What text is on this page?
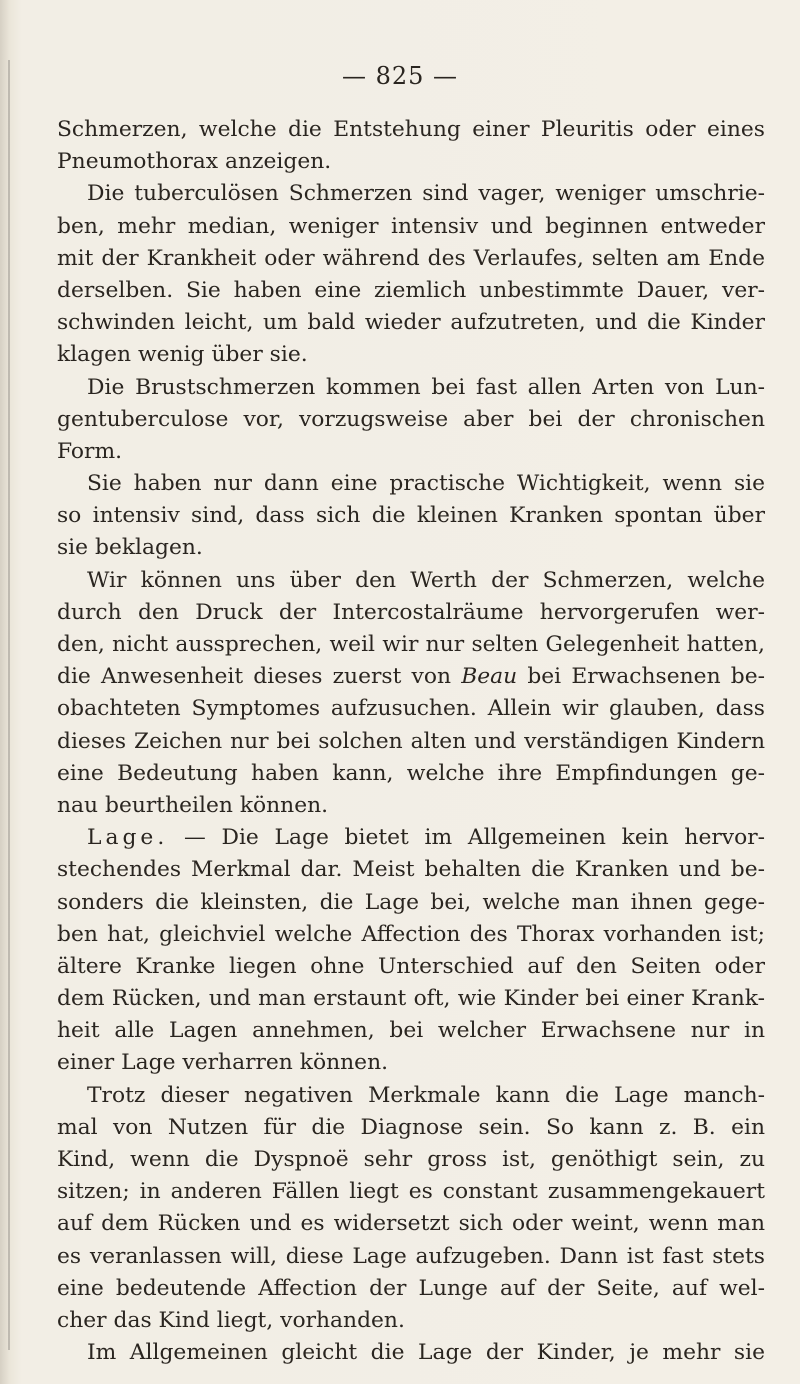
— 825 —
Schmerzen, welche die Entstehung einer Pleuritis oder eines
Pneumothorax anzeigen.
Die tuberculösen Schmerzen sind vager, weniger umschrie-
ben, mehr median, weniger intensiv und beginnen entweder
mit der Krankheit oder während des Verlaufes, selten am Ende
derselben. Sie haben eine ziemlich unbestimmte Dauer, ver-
schwinden leicht, um bald wieder aufzutreten, und die Kinder
klagen wenig über sie.
Die Brustschmerzen kommen bei fast allen Arten von Lun-
gentuberculose vor, vorzugsweise aber bei der chronischen
Form.
Sie haben nur dann eine practische Wichtigkeit, wenn sie
so intensiv sind, dass sich die kleinen Kranken spontan über
sie beklagen.
Wir können uns über den Werth der Schmerzen, welche
durch den Druck der Intercostalräume hervorgerufen wer-
den, nicht aussprechen, weil wir nur selten Gelegenheit hatten,
die Anwesenheit dieses zuerst von Beau bei Erwachsenen be-
obachteten Symptomes aufzusuchen. Allein wir glauben, dass
dieses Zeichen nur bei solchen alten und verständigen Kindern
eine Bedeutung haben kann, welche ihre Empfindungen ge-
nau beurtheilen können.
Lage. — Die Lage bietet im Allgemeinen kein hervor-
stechendes Merkmal dar. Meist behalten die Kranken und be-
sonders die kleinsten, die Lage bei, welche man ihnen gege-
ben hat, gleichviel welche Affection des Thorax vorhanden ist;
ältere Kranke liegen ohne Unterschied auf den Seiten oder
dem Rücken, und man erstaunt oft, wie Kinder bei einer Krank-
heit alle Lagen annehmen, bei welcher Erwachsene nur in
einer Lage verharren können.
Trotz dieser negativen Merkmale kann die Lage manch-
mal von Nutzen für die Diagnose sein. So kann z. B. ein
Kind, wenn die Dyspnoë sehr gross ist, genöthigt sein, zu
sitzen; in anderen Fällen liegt es constant zusammengekauert
auf dem Rücken und es widersetzt sich oder weint, wenn man
es veranlassen will, diese Lage aufzugeben. Dann ist fast stets
eine bedeutende Affection der Lunge auf der Seite, auf wel-
cher das Kind liegt, vorhanden.
Im Allgemeinen gleicht die Lage der Kinder, je mehr sie
